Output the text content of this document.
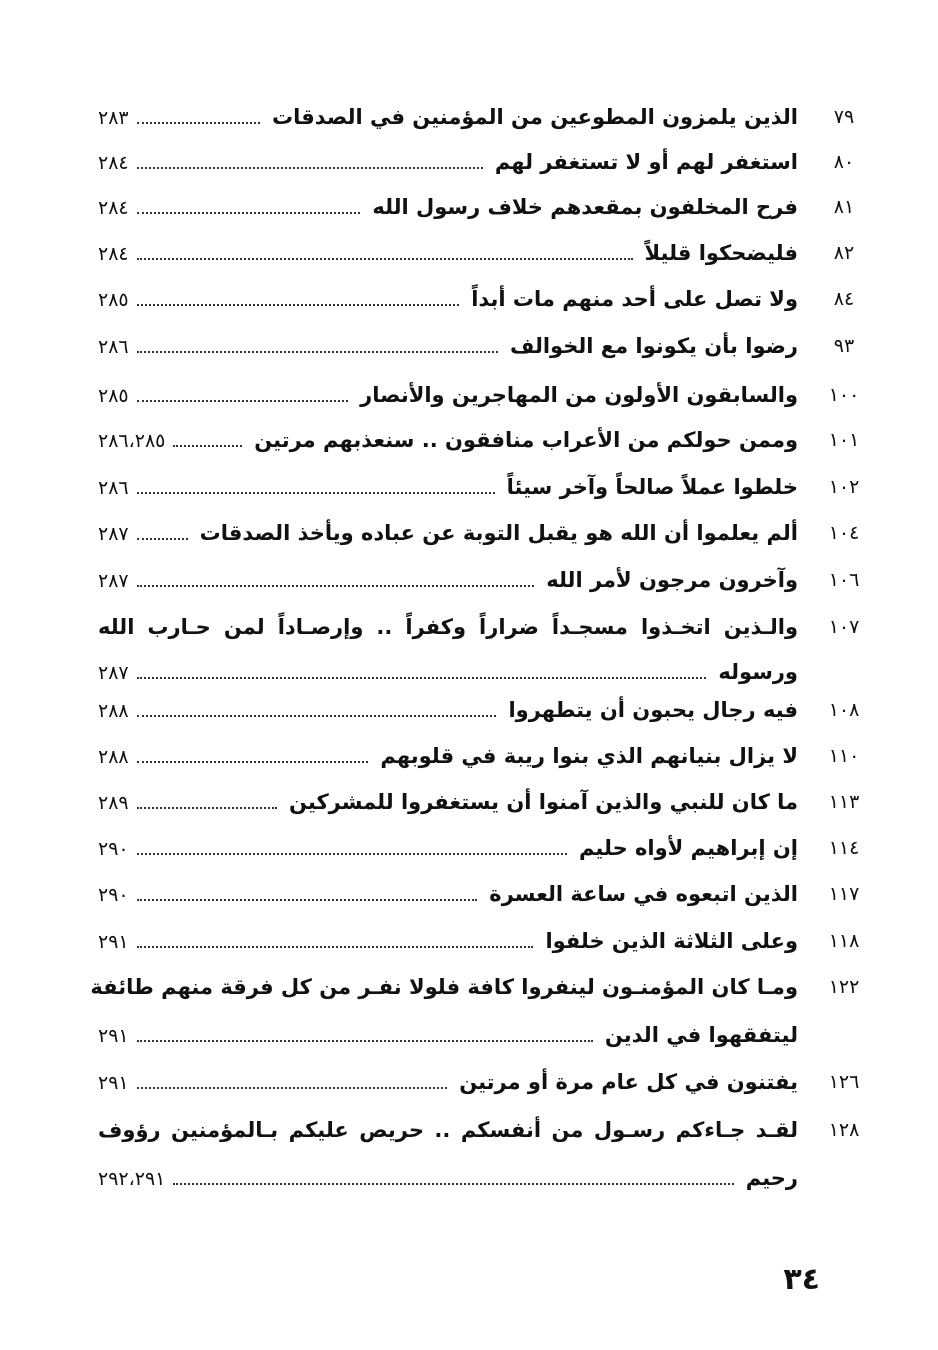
٧٩
الذين يلمزون المطوعين من المؤمنين في الصدقات
٢٨٣
٨٠
استغفر لهم أو لا تستغفر لهم
٢٨٤
٨١
فرح المخلفون بمقعدهم خلاف رسول الله
٢٨٤
٨٢
فليضحكوا قليلاً
٢٨٤
٨٤
ولا تصل على أحد منهم مات أبداً
٢٨٥
٩٣
رضوا بأن يكونوا مع الخوالف
٢٨٦
١٠٠
والسابقون الأولون من المهاجرين والأنصار
٢٨٥
١٠١
وممن حولكم من الأعراب منافقون .. سنعذبهم مرتين
٢٨٦،٢٨٥
١٠٢
خلطوا عملاً صالحاً وآخر سيئاً
٢٨٦
١٠٤
ألم يعلموا أن الله هو يقبل التوبة عن عباده ويأخذ الصدقات
٢٨٧
١٠٦
وآخرون مرجون لأمر الله
٢٨٧
١٠٧
والـذين اتخـذوا مسجـداً ضراراً وكفراً .. وإرصـاداً لمن حـارب الله
ورسوله
٢٨٧
١٠٨
فيه رجال يحبون أن يتطهروا
٢٨٨
١١٠
لا يزال بنيانهم الذي بنوا ريبة في قلوبهم
٢٨٨
١١٣
ما كان للنبي والذين آمنوا أن يستغفروا للمشركين
٢٨٩
١١٤
إن إبراهيم لأواه حليم
٢٩٠
١١٧
الذين اتبعوه في ساعة العسرة
٢٩٠
١١٨
وعلى الثلاثة الذين خلفوا
٢٩١
١٢٢
ومـا كان المؤمنـون لينفروا كافة فلولا نفـر من كل فرقة منهم طائفة
ليتفقهوا في الدين
٢٩١
١٢٦
يفتنون في كل عام مرة أو مرتين
٢٩١
١٢٨
لقـد جـاءكم رسـول من أنفسكم .. حريص عليكم بـالمؤمنين رؤوف
رحيم
٢٩٢،٢٩١
٣٤
